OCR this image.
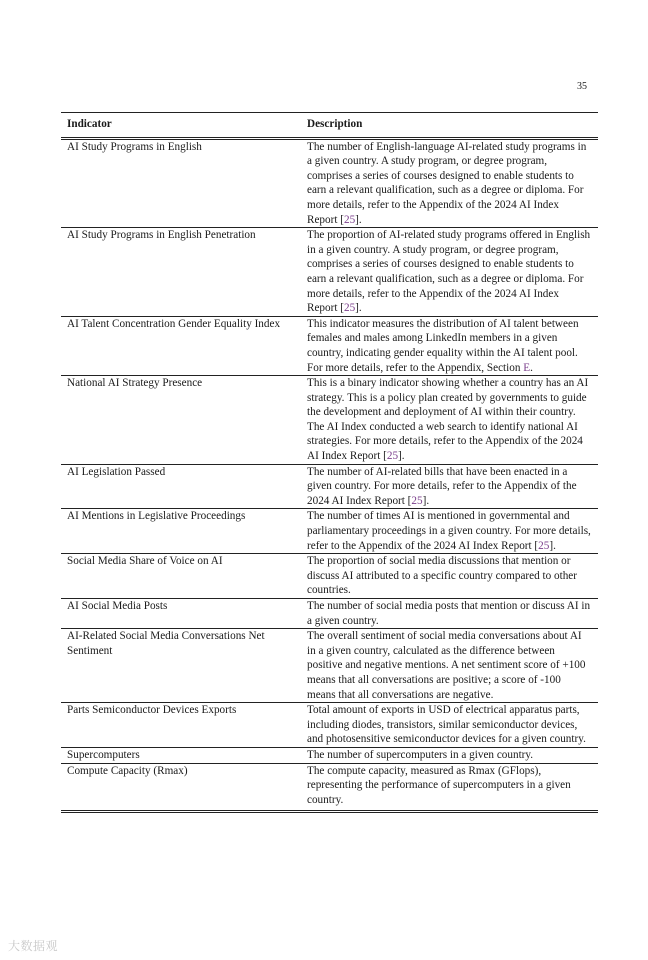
35
Indicator	Description
AI Study Programs in English	The number of English-language AI-related study programs in a given country. A study program, or degree program, comprises a series of courses designed to enable students to earn a relevant qualification, such as a degree or diploma. For more details, refer to the Appendix of the 2024 AI Index Report [25].
AI Study Programs in English Penetration	The proportion of AI-related study programs offered in English in a given country. A study program, or degree program, comprises a series of courses designed to enable students to earn a relevant qualification, such as a degree or diploma. For more details, refer to the Appendix of the 2024 AI Index Report [25].
AI Talent Concentration Gender Equality Index	This indicator measures the distribution of AI talent between females and males among LinkedIn members in a given country, indicating gender equality within the AI talent pool. For more details, refer to the Appendix, Section E.
National AI Strategy Presence	This is a binary indicator showing whether a country has an AI strategy. This is a policy plan created by governments to guide the development and deployment of AI within their country. The AI Index conducted a web search to identify national AI strategies. For more details, refer to the Appendix of the 2024 AI Index Report [25].
AI Legislation Passed	The number of AI-related bills that have been enacted in a given country. For more details, refer to the Appendix of the 2024 AI Index Report [25].
AI Mentions in Legislative Proceedings	The number of times AI is mentioned in governmental and parliamentary proceedings in a given country. For more details, refer to the Appendix of the 2024 AI Index Report [25].
Social Media Share of Voice on AI	The proportion of social media discussions that mention or discuss AI attributed to a specific country compared to other countries.
AI Social Media Posts	The number of social media posts that mention or discuss AI in a given country.
AI-Related Social Media Conversations Net Sentiment	The overall sentiment of social media conversations about AI in a given country, calculated as the difference between positive and negative mentions. A net sentiment score of +100 means that all conversations are positive; a score of -100 means that all conversations are negative.
Parts Semiconductor Devices Exports	Total amount of exports in USD of electrical apparatus parts, including diodes, transistors, similar semiconductor devices, and photosensitive semiconductor devices for a given country.
Supercomputers	The number of supercomputers in a given country.
Compute Capacity (Rmax)	The compute capacity, measured as Rmax (GFlops), representing the performance of supercomputers in a given country.
大数据观
